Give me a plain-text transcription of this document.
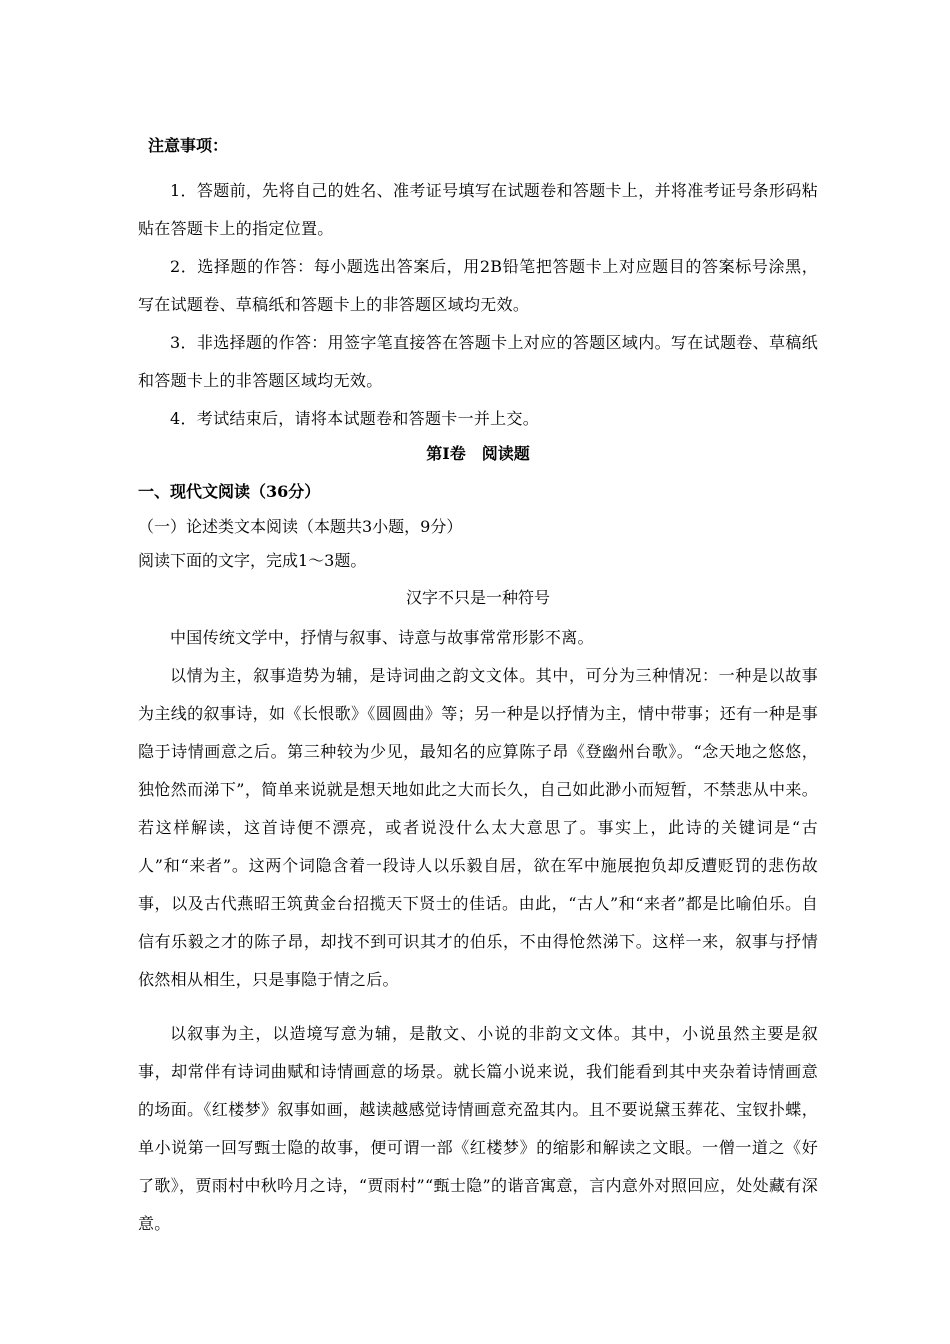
注意事项：
1．答题前，先将自己的姓名、准考证号填写在试题卷和答题卡上，并将准考证号条形码粘贴在答题卡上的指定位置。
2．选择题的作答：每小题选出答案后，用2B铅笔把答题卡上对应题目的答案标号涂黑，写在试题卷、草稿纸和答题卡上的非答题区域均无效。
3．非选择题的作答：用签字笔直接答在答题卡上对应的答题区域内。写在试题卷、草稿纸和答题卡上的非答题区域均无效。
4．考试结束后，请将本试题卷和答题卡一并上交。
第Ⅰ卷　阅读题
一、现代文阅读（36分）
（一）论述类文本阅读（本题共3小题，9分）
阅读下面的文字，完成1～3题。
汉字不只是一种符号
中国传统文学中，抒情与叙事、诗意与故事常常形影不离。
以情为主，叙事造势为辅，是诗词曲之韵文文体。其中，可分为三种情况：一种是以故事为主线的叙事诗，如《长恨歌》《圆圆曲》等；另一种是以抒情为主，情中带事；还有一种是事隐于诗情画意之后。第三种较为少见，最知名的应算陈子昂《登幽州台歌》。“念天地之悠悠，独怆然而涕下”，简单来说就是想天地如此之大而长久，自己如此渺小而短暂，不禁悲从中来。若这样解读，这首诗便不漂亮，或者说没什么太大意思了。事实上，此诗的关键词是“古人”和“来者”。这两个词隐含着一段诗人以乐毅自居，欲在军中施展抱负却反遭贬罚的悲伤故事，以及古代燕昭王筑黄金台招揽天下贤士的佳话。由此，“古人”和“来者”都是比喻伯乐。自信有乐毅之才的陈子昂，却找不到可识其才的伯乐，不由得怆然涕下。这样一来，叙事与抒情依然相从相生，只是事隐于情之后。
以叙事为主，以造境写意为辅，是散文、小说的非韵文文体。其中，小说虽然主要是叙事，却常伴有诗词曲赋和诗情画意的场景。就长篇小说来说，我们能看到其中夹杂着诗情画意的场面。《红楼梦》叙事如画，越读越感觉诗情画意充盈其内。且不要说黛玉葬花、宝钗扑蝶，单小说第一回写甄士隐的故事，便可谓一部《红楼梦》的缩影和解读之文眼。一僧一道之《好了歌》，贾雨村中秋吟月之诗，“贾雨村”“甄士隐”的谐音寓意，言内意外对照回应，处处藏有深意。
